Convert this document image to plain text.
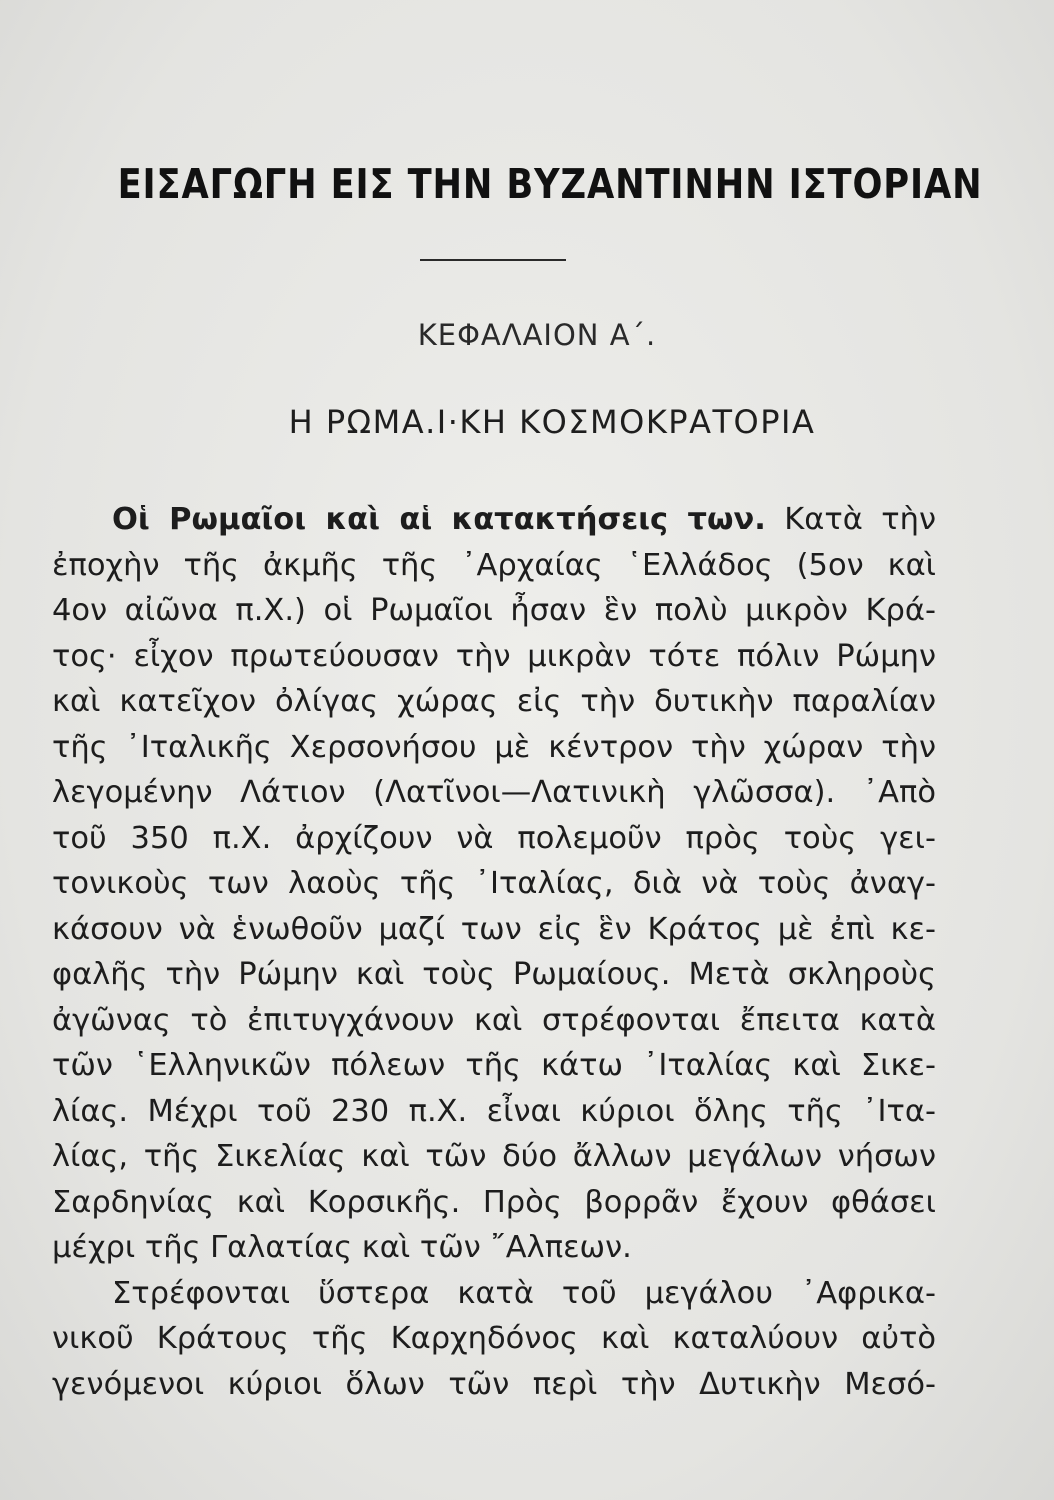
ΕΙΣΑΓΩΓΗ ΕΙΣ ΤΗΝ ΒΥΖΑΝΤΙΝΗΝ ΙΣΤΟΡΙΑΝ
ΚΕΦΑΛΑΙΟΝ Α΄.
Η ΡΩΜΑ.Ι·ΚΗ ΚΟΣΜΟΚΡΑΤΟΡΙΑ
Οἱ Ρωμαῖοι καὶ αἱ κατακτήσεις των. Κατὰ τὴν
ἐποχὴν τῆς ἀκμῆς τῆς ᾿Αρχαίας ῾Ελλάδος (5ον καὶ
4ον αἰῶνα π.Χ.) οἱ Ρωμαῖοι ἦσαν ἓν πολὺ μικρὸν Κρά-
τος· εἶχον πρωτεύουσαν τὴν μικρὰν τότε πόλιν Ρώμην
καὶ κατεῖχον ὀλίγας χώρας εἰς τὴν δυτικὴν παραλίαν
τῆς ᾿Ιταλικῆς Χερσονήσου μὲ κέντρον τὴν χώραν τὴν
λεγομένην Λάτιον (Λατῖνοι—Λατινικὴ γλῶσσα). ᾿Απὸ
τοῦ 350 π.Χ. ἀρχίζουν νὰ πολεμοῦν πρὸς τοὺς γει-
τονικοὺς των λαοὺς τῆς ᾿Ιταλίας, διὰ νὰ τοὺς ἀναγ-
κάσουν νὰ ἑνωθοῦν μαζί των εἰς ἓν Κράτος μὲ ἐπὶ κε-
φαλῆς τὴν Ρώμην καὶ τοὺς Ρωμαίους. Μετὰ σκληροὺς
ἀγῶνας τὸ ἐπιτυγχάνουν καὶ στρέφονται ἔπειτα κατὰ
τῶν ῾Ελληνικῶν πόλεων τῆς κάτω ᾿Ιταλίας καὶ Σικε-
λίας. Μέχρι τοῦ 230 π.Χ. εἶναι κύριοι ὅλης τῆς ᾿Ιτα-
λίας, τῆς Σικελίας καὶ τῶν δύο ἄλλων μεγάλων νήσων
Σαρδηνίας καὶ Κορσικῆς. Πρὸς βορρᾶν ἔχουν φθάσει
μέχρι τῆς Γαλατίας καὶ τῶν ῎Αλπεων.
Στρέφονται ὕστερα κατὰ τοῦ μεγάλου ᾿Αφρικα-
νικοῦ Κράτους τῆς Καρχηδόνος καὶ καταλύουν αὐτὸ
γενόμενοι κύριοι ὅλων τῶν περὶ τὴν Δυτικὴν Μεσό-
